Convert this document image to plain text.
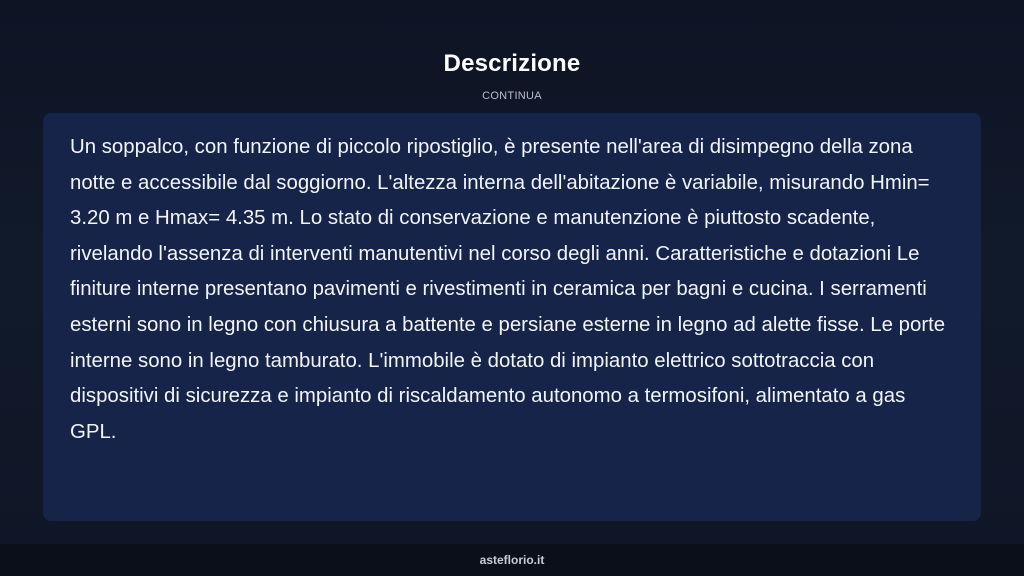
Descrizione
CONTINUA

Un soppalco, con funzione di piccolo ripostiglio, è presente nell'area di disimpegno della zona notte e accessibile dal soggiorno. L'altezza interna dell'abitazione è variabile, misurando Hmin= 3.20 m e Hmax= 4.35 m. Lo stato di conservazione e manutenzione è piuttosto scadente, rivelando l'assenza di interventi manutentivi nel corso degli anni. Caratteristiche e dotazioni Le finiture interne presentano pavimenti e rivestimenti in ceramica per bagni e cucina. I serramenti esterni sono in legno con chiusura a battente e persiane esterne in legno ad alette fisse. Le porte interne sono in legno tamburato. L'immobile è dotato di impianto elettrico sottotraccia con dispositivi di sicurezza e impianto di riscaldamento autonomo a termosifoni, alimentato a gas GPL.

asteflorio.it
